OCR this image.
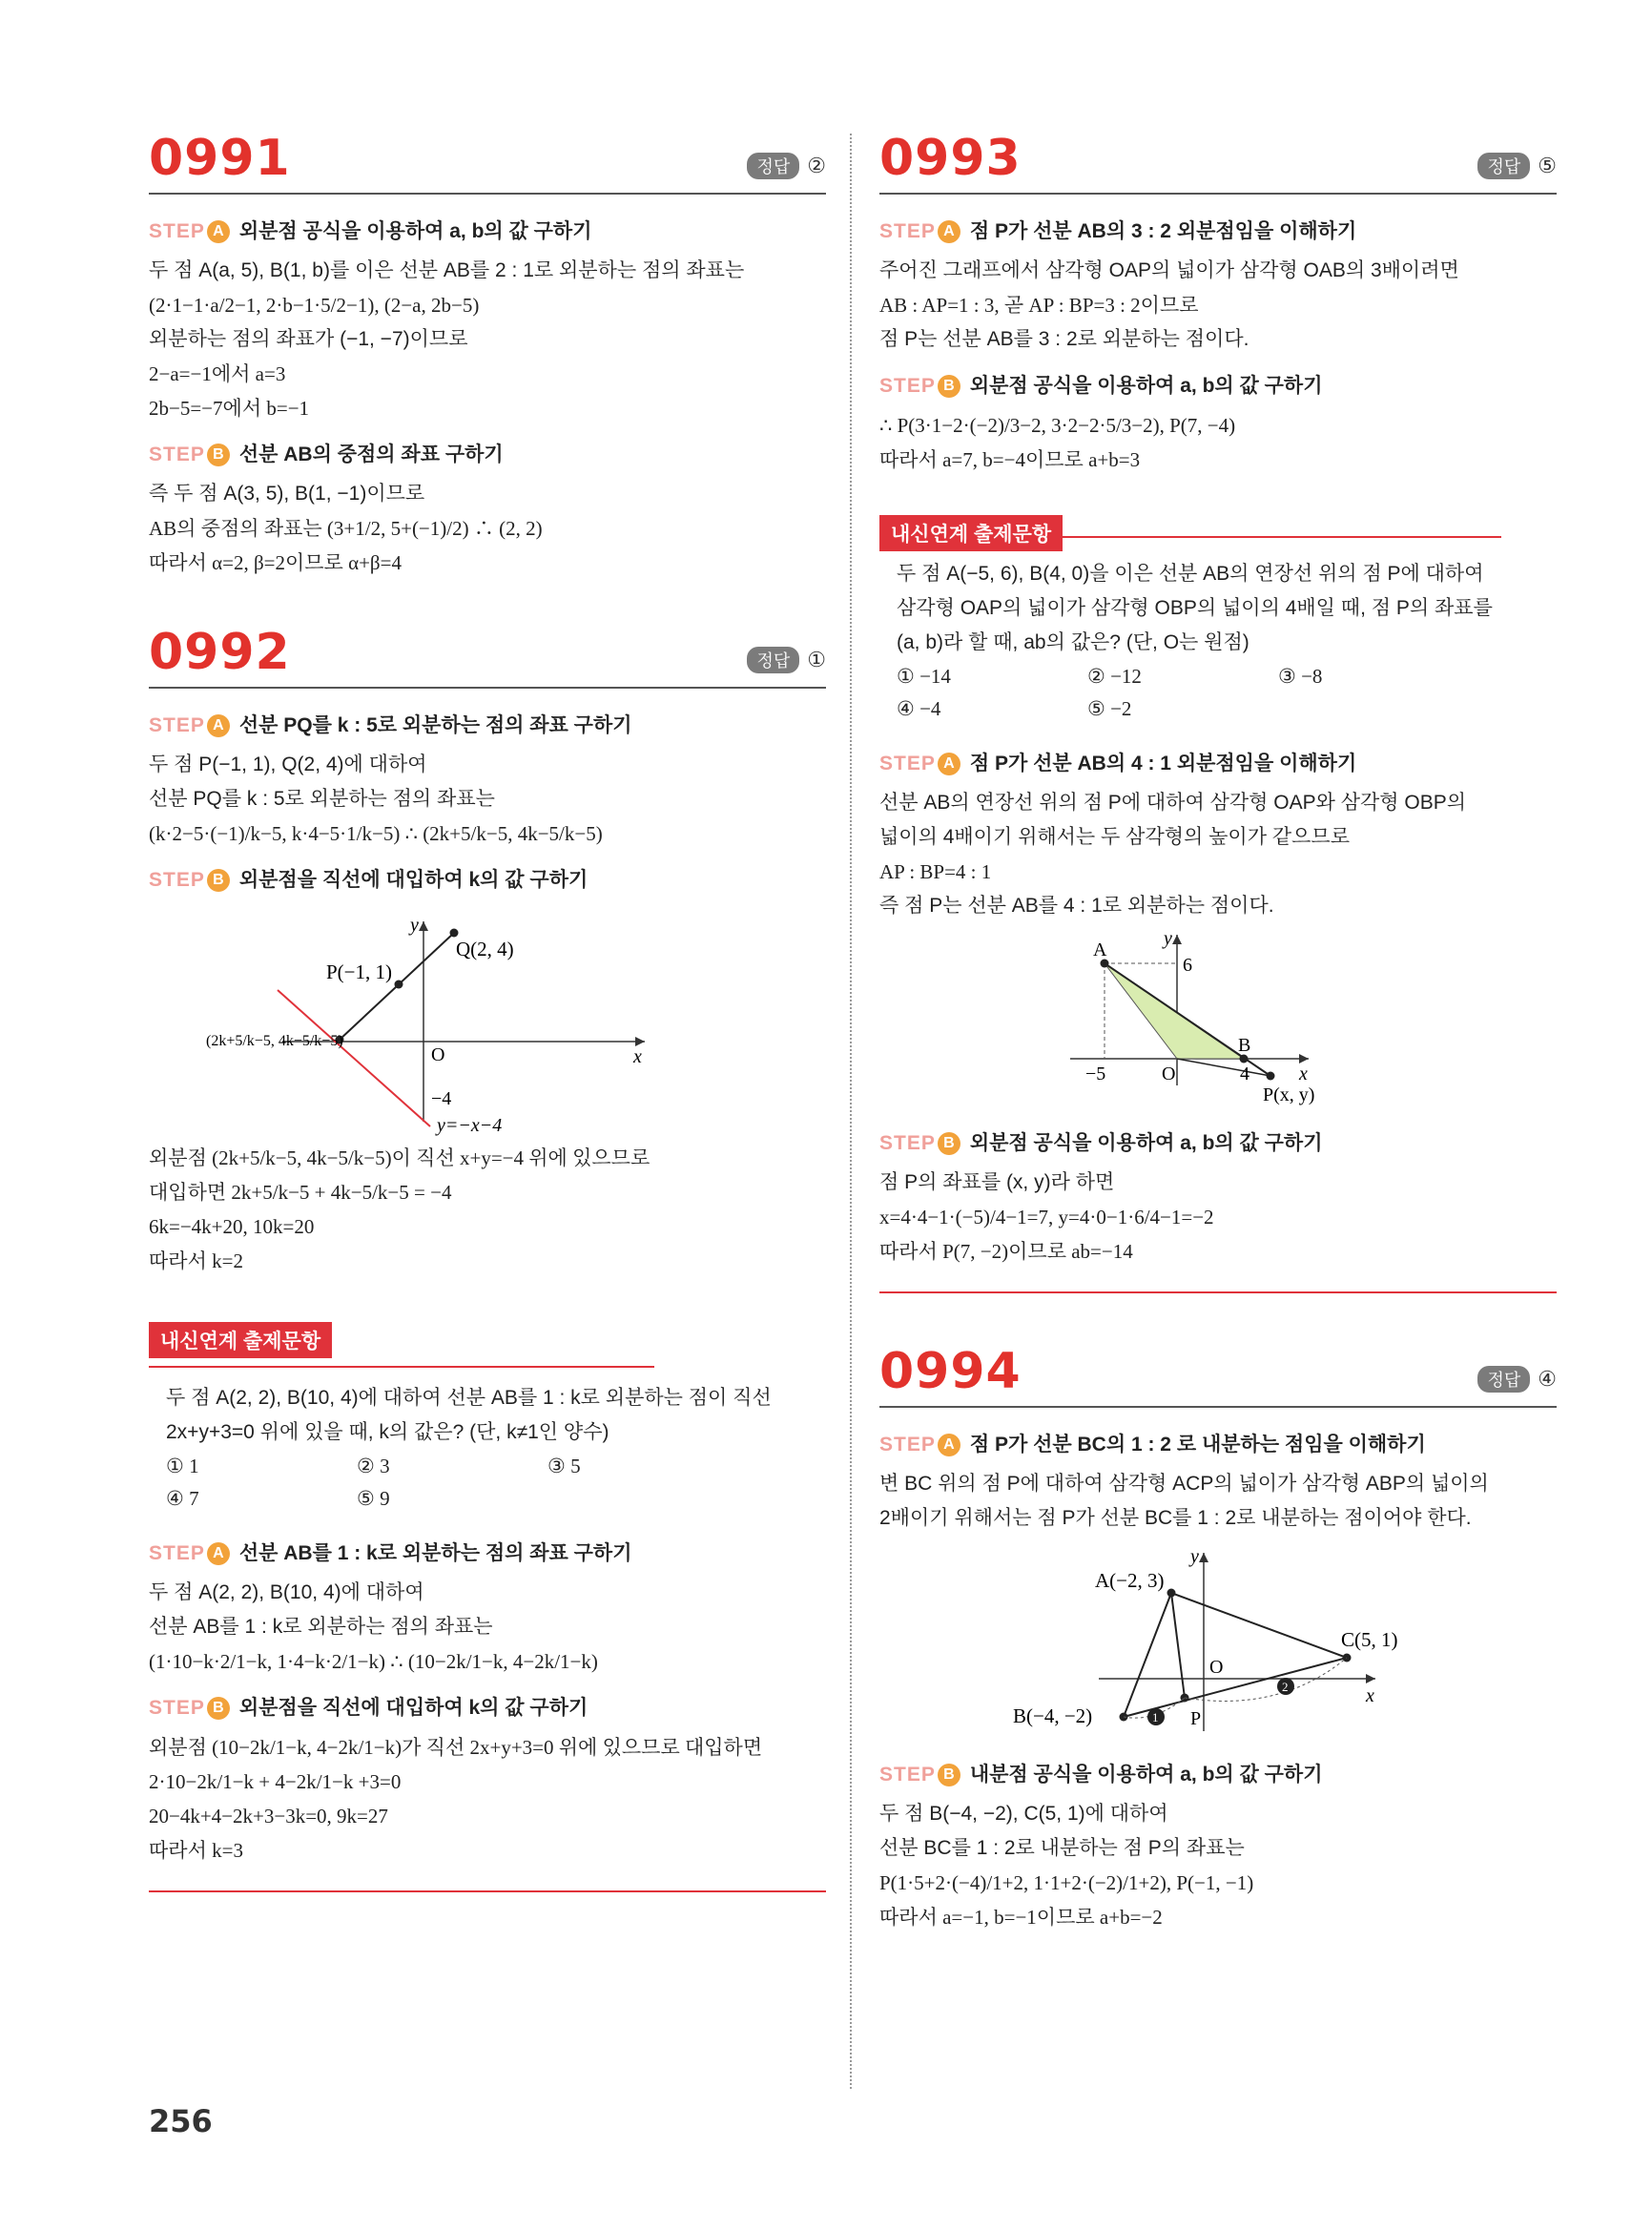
0991	정답 ②
STEP A 외분점 공식을 이용하여 a, b의 값 구하기

두 점 A(a, 5), B(1, b)를 이은 선분 AB를 2 : 1로 외분하는 점의 좌표는

(2·1−1·a/2−1, 2·b−1·5/2−1), (2−a, 2b−5)

외분하는 점의 좌표가 (−1, −7)이므로

2−a=−1에서 a=3

2b−5=−7에서 b=−1

STEP B 선분 AB의 중점의 좌표 구하기

즉 두 점 A(3, 5), B(1, −1)이므로

AB의 중점의 좌표는 (3+1/2, 5+(−1)/2) ∴ (2, 2)

따라서 α=2, β=2이므로 α+β=4

0992	정답 ①
STEP A 선분 PQ를 k : 5로 외분하는 점의 좌표 구하기

두 점 P(−1, 1), Q(2, 4)에 대하여

선분 PQ를 k : 5로 외분하는 점의 좌표는

(k·2−5·(−1)/k−5, k·4−5·1/k−5) ∴ (2k+5/k−5, 4k−5/k−5)

STEP B 외분점을 직선에 대입하여 k의 값 구하기
Q(2, 4)
P(−1, 1)
(2k+5/k−5, 4k−5/k−5)
y
x
O
−4
y=−x−4

외분점 (2k+5/k−5, 4k−5/k−5)이 직선 x+y=−4 위에 있으므로

대입하면 2k+5/k−5 + 4k−5/k−5 = −4

6k=−4k+20, 10k=20

따라서 k=2

내신연계 출제문항

두 점 A(2, 2), B(10, 4)에 대하여 선분 AB를 1 : k로 외분하는 점이 직선

2x+y+3=0 위에 있을 때, k의 값은? (단, k≠1인 양수)

① 1	② 3	③ 5
④ 7	⑤ 9
STEP A 선분 AB를 1 : k로 외분하는 점의 좌표 구하기

두 점 A(2, 2), B(10, 4)에 대하여

선분 AB를 1 : k로 외분하는 점의 좌표는

(1·10−k·2/1−k, 1·4−k·2/1−k) ∴ (10−2k/1−k, 4−2k/1−k)

STEP B 외분점을 직선에 대입하여 k의 값 구하기

외분점 (10−2k/1−k, 4−2k/1−k)가 직선 2x+y+3=0 위에 있으므로 대입하면

2·10−2k/1−k + 4−2k/1−k +3=0

20−4k+4−2k+3−3k=0, 9k=27

따라서 k=3

0993	정답 ⑤
STEP A 점 P가 선분 AB의 3 : 2 외분점임을 이해하기

주어진 그래프에서 삼각형 OAP의 넓이가 삼각형 OAB의 3배이려면

AB : AP=1 : 3, 곧 AP : BP=3 : 2이므로

점 P는 선분 AB를 3 : 2로 외분하는 점이다.

STEP B 외분점 공식을 이용하여 a, b의 값 구하기

∴ P(3·1−2·(−2)/3−2, 3·2−2·5/3−2), P(7, −4)

따라서 a=7, b=−4이므로 a+b=3

내신연계 출제문항

두 점 A(−5, 6), B(4, 0)을 이은 선분 AB의 연장선 위의 점 P에 대하여

삼각형 OAP의 넓이가 삼각형 OBP의 넓이의 4배일 때, 점 P의 좌표를

(a, b)라 할 때, ab의 값은? (단, O는 원점)

① −14	② −12	③ −8
④ −4	⑤ −2
STEP A 점 P가 선분 AB의 4 : 1 외분점임을 이해하기

선분 AB의 연장선 위의 점 P에 대하여 삼각형 OAP와 삼각형 OBP의

넓이의 4배이기 위해서는 두 삼각형의 높이가 같으므로

AP : BP=4 : 1

즉 점 P는 선분 AB를 4 : 1로 외분하는 점이다.

A
B
P(x, y)
6
−5	4
O	x
y
STEP B 외분점 공식을 이용하여 a, b의 값 구하기

점 P의 좌표를 (x, y)라 하면

x=4·4−1·(−5)/4−1=7, y=4·0−1·6/4−1=−2

따라서 P(7, −2)이므로 ab=−14

0994	정답 ④
STEP A 점 P가 선분 BC의 1 : 2 로 내분하는 점임을 이해하기

변 BC 위의 점 P에 대하여 삼각형 ACP의 넓이가 삼각형 ABP의 넓이의

2배이기 위해서는 점 P가 선분 BC를 1 : 2로 내분하는 점이어야 한다.

1
2
A(−2, 3)
B(−4, −2)
C(5, 1)
P
O
x
y
STEP B 내분점 공식을 이용하여 a, b의 값 구하기

두 점 B(−4, −2), C(5, 1)에 대하여

선분 BC를 1 : 2로 내분하는 점 P의 좌표는

P(1·5+2·(−4)/1+2, 1·1+2·(−2)/1+2), P(−1, −1)

따라서 a=−1, b=−1이므로 a+b=−2

256
